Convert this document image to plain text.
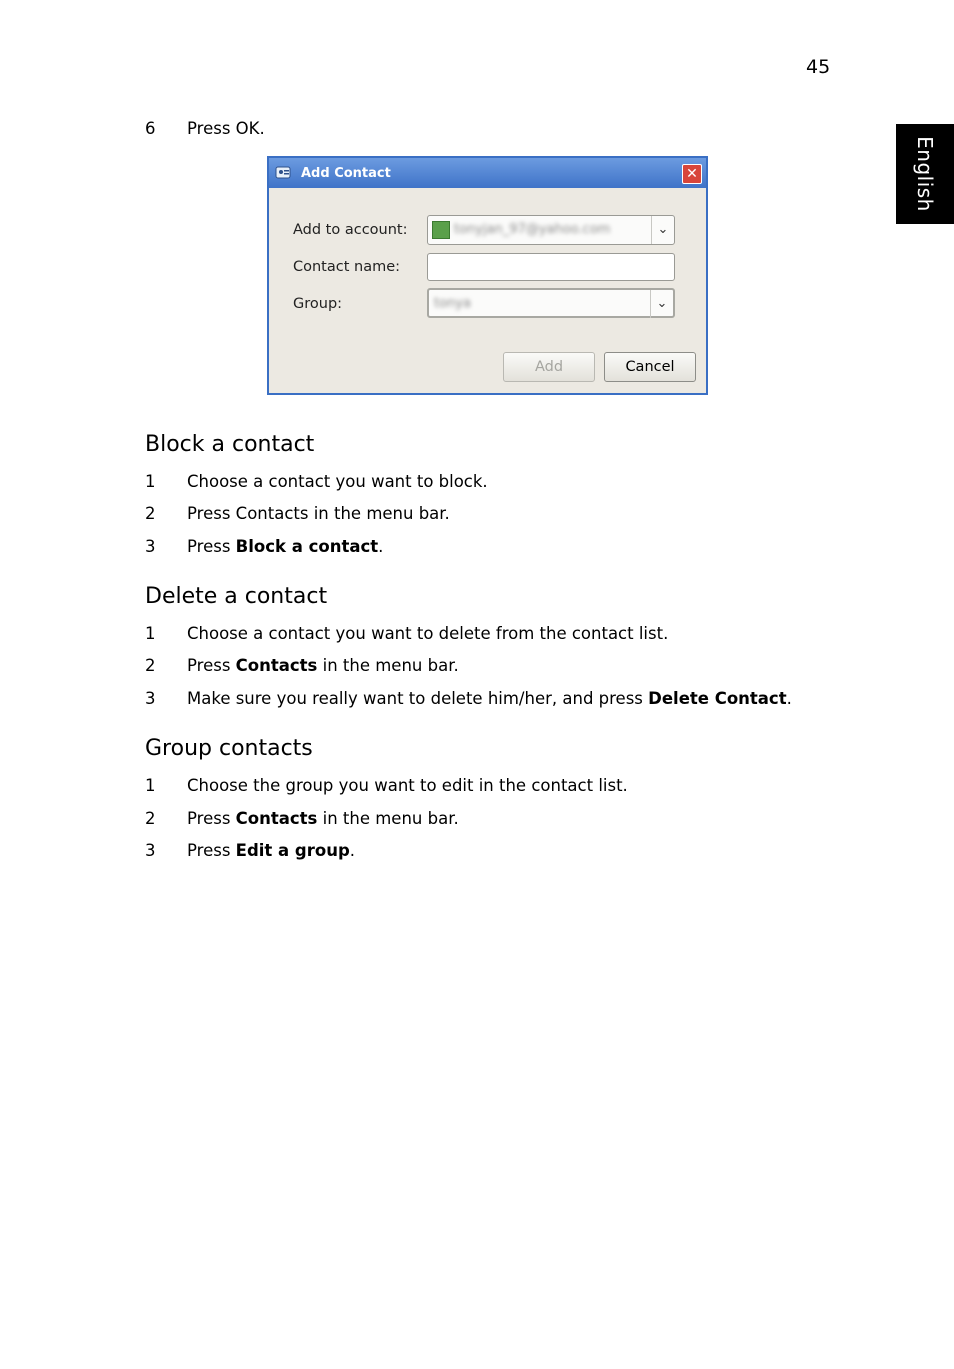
45
English
6 Press OK.
Add Contact	✕
Add to account:	tonyjan_97@yahoo.com	⌄
Contact name:
Group:	tonya	⌄
Add	Cancel
Block a contact
1 Choose a contact you want to block.
2 Press Contacts in the menu bar.
3 Press Block a contact.
Delete a contact
1 Choose a contact you want to delete from the contact list.
2 Press Contacts in the menu bar.
3 Make sure you really want to delete him/her, and press Delete Contact.
Group contacts
1 Choose the group you want to edit in the contact list.
2 Press Contacts in the menu bar.
3 Press Edit a group.
